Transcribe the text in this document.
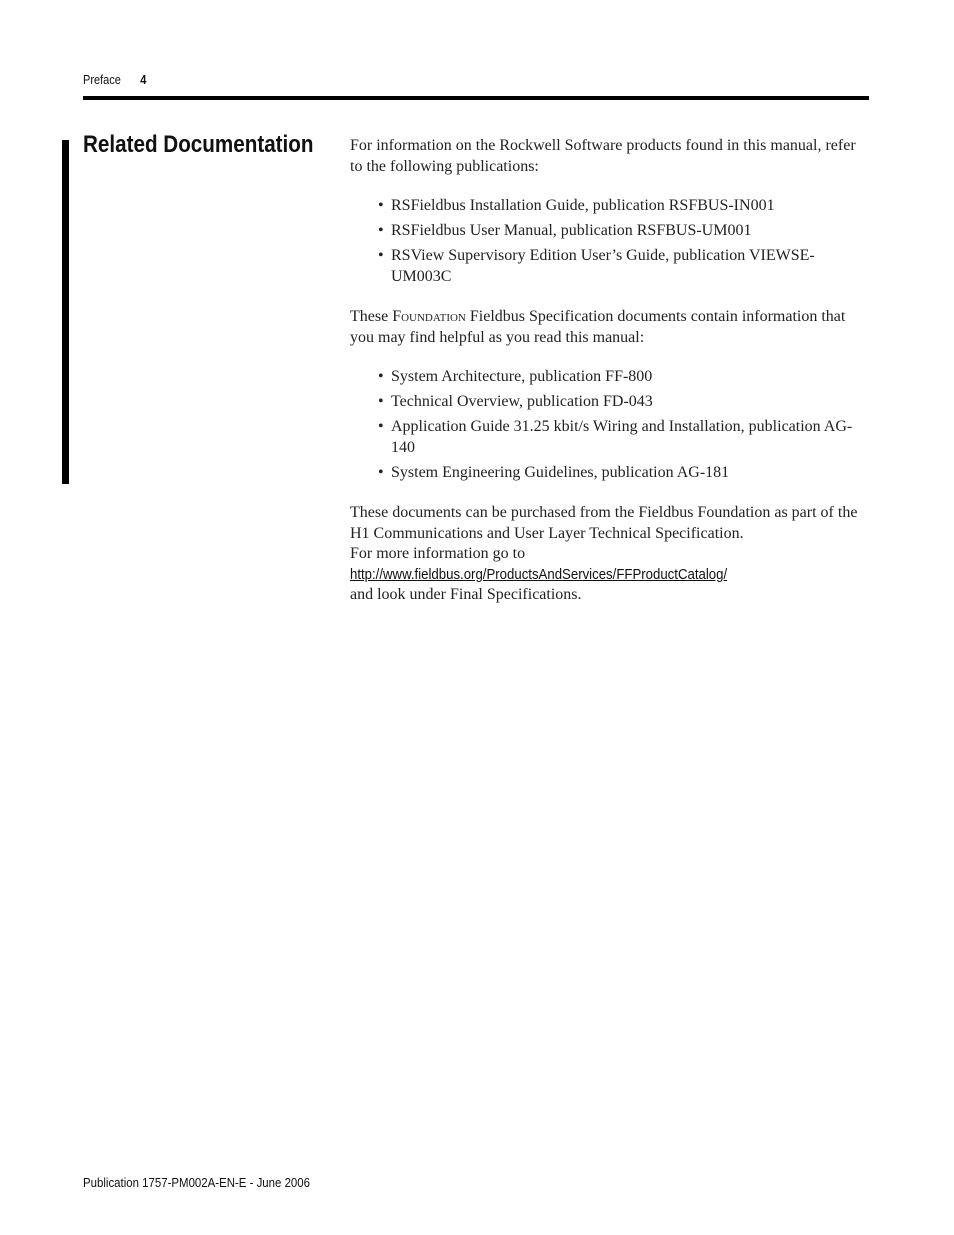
Preface 4
Related Documentation For information on the Rockwell Software products found in this manual, refer to the following publications:

• RSFieldbus Installation Guide, publication RSFBUS-IN001
• RSFieldbus User Manual, publication RSFBUS-UM001
• RSView Supervisory Edition User’s Guide, publication VIEWSE-UM003C

These Foundation Fieldbus Specification documents contain information that you may find helpful as you read this manual:

• System Architecture, publication FF-800
• Technical Overview, publication FD-043
• Application Guide 31.25 kbit/s Wiring and Installation, publication AG-140
• System Engineering Guidelines, publication AG-181

These documents can be purchased from the Fieldbus Foundation as part of the H1 Communications and User Layer Technical Specification.

For more information go to

http://www.fieldbus.org/ProductsAndServices/FFProductCatalog/

and look under Final Specifications.

Publication 1757-PM002A-EN-E - June 2006
